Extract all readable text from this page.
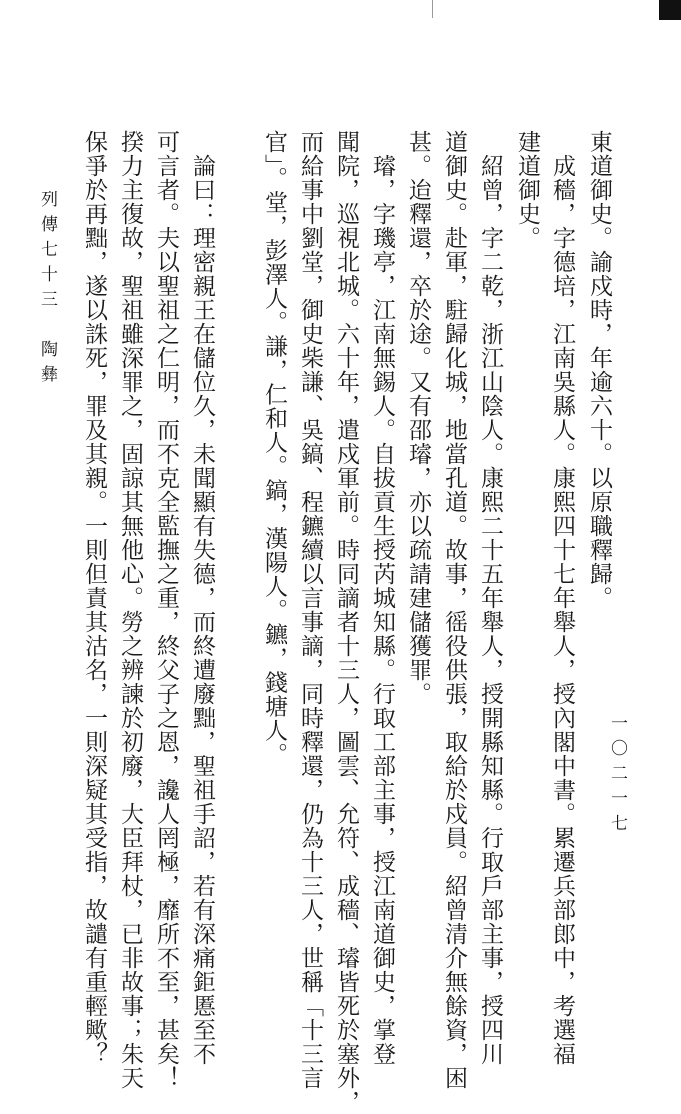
東道御史。諭戍時，年逾六十。以原職釋歸。
　成穡，字德培，江南吳縣人。康熙四十七年舉人，授內閣中書。累遷兵部郎中，考選福
建道御史。
　紹曾，字二乾，浙江山陰人。康熙二十五年舉人，授開縣知縣。行取戶部主事，授四川
道御史。赴軍，駐歸化城，地當孔道。故事，徭役供張，取給於戍員。紹曾清介無餘資，困
甚。迨釋還，卒於途。又有邵璿，亦以疏請建儲獲罪。
　璿，字璣亭，江南無錫人。自拔貢生授芮城知縣。行取工部主事，授江南道御史，掌登
聞院，巡視北城。六十年，遣戍軍前。時同謫者十三人，圖雲、允符、成穡、璿皆死於塞外，
而給事中劉堂，御史柴謙、吳鎬、程鑣續以言事謫，同時釋還，仍為十三人，世稱「十三言
官」。堂，彭澤人。謙，仁和人。鎬，漢陽人。鑣，錢塘人。
　論曰：理密親王在儲位久，未聞顯有失德，而終遭廢黜，聖祖手詔，若有深痛鉅慝至不
可言者。夫以聖祖之仁明，而不克全監撫之重，終父子之恩，讒人罔極，靡所不至，甚矣！
揆力主復故，聖祖雖深罪之，固諒其無他心。勞之辨諫於初廢，大臣拜杖，已非故事；朱天
保爭於再黜，遂以誅死，罪及其親。一則但責其沽名，一則深疑其受指，故譴有重輕歟？
列傳七十三　陶彝
一〇二一七
